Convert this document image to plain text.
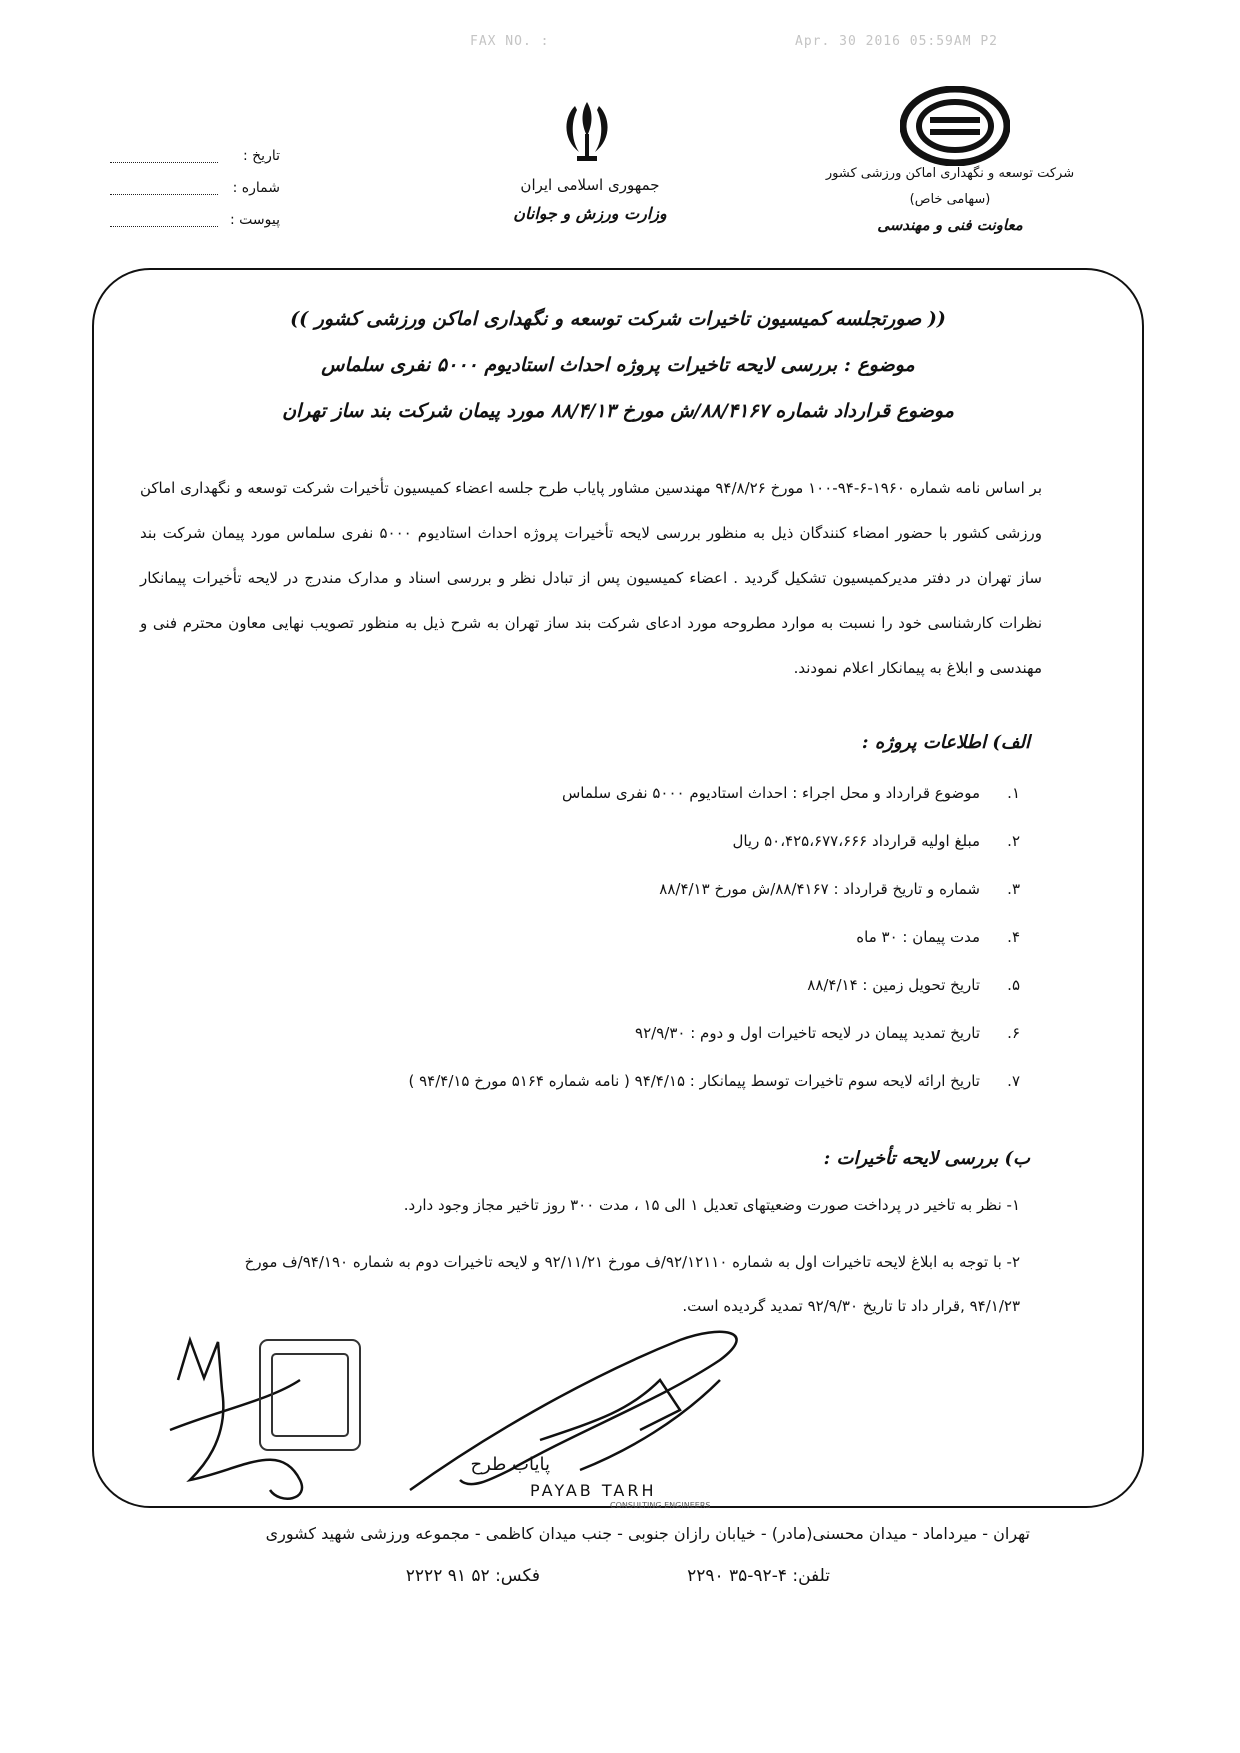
FAX NO. :	Apr. 30 2016 05:59AM P2
تاریخ :
شماره :
پیوست :
جمهوری اسلامی ایران
وزارت ورزش و جوانان
شرکت توسعه و نگهداری اماکن ورزشی کشور
(سهامی خاص)
معاونت فنی و مهندسی
(( صورتجلسه کمیسیون تاخیرات شرکت توسعه و نگهداری اماکن ورزشی کشور ))
موضوع : بررسی لایحه تاخیرات پروژه احداث استادیوم ۵۰۰۰ نفری سلماس
موضوع قرارداد شماره ۸۸/۴۱۶۷/ش مورخ ۸۸/۴/۱۳ مورد پیمان شرکت بند ساز تهران
بر اساس نامه شماره ۱۹۶۰-۶-۹۴-۱۰۰ مورخ ۹۴/۸/۲۶ مهندسین مشاور پایاب طرح جلسه اعضاء کمیسیون تأخیرات شرکت توسعه و نگهداری اماکن ورزشی کشور با حضور امضاء کنندگان ذیل به منظور بررسی لایحه تأخیرات پروژه احداث استادیوم ۵۰۰۰ نفری سلماس مورد پیمان شرکت بند ساز تهران در دفتر مدیرکمیسیون تشکیل گردید . اعضاء کمیسیون پس از تبادل نظر و بررسی اسناد و مدارک مندرج در لایحه تأخیرات پیمانکار نظرات کارشناسی خود را نسبت به موارد مطروحه مورد ادعای شرکت بند ساز تهران به شرح ذیل به منظور تصویب نهایی معاون محترم فنی و مهندسی و ابلاغ به پیمانکار اعلام نمودند.
الف) اطلاعات پروژه :
۱.
موضوع قرارداد و محل اجراء : احداث استادیوم ۵۰۰۰ نفری سلماس
۲.
مبلغ اولیه قرارداد ۵۰،۴۲۵،۶۷۷،۶۶۶ ریال
۳.
شماره و تاریخ قرارداد : ۸۸/۴۱۶۷/ش مورخ ۸۸/۴/۱۳
۴.
مدت پیمان : ۳۰ ماه
۵.
تاریخ تحویل زمین : ۸۸/۴/۱۴
۶.
تاریخ تمدید پیمان در لایحه تاخیرات اول و دوم : ۹۲/۹/۳۰
۷.
تاریخ ارائه لایحه سوم تاخیرات توسط پیمانکار : ۹۴/۴/۱۵ ( نامه شماره ۵۱۶۴ مورخ ۹۴/۴/۱۵ )
ب) بررسی لایحه تأخیرات :
۱- نظر به تاخیر در پرداخت صورت وضعیتهای تعدیل ۱ الی ۱۵ ، مدت ۳۰۰ روز تاخیر مجاز وجود دارد.
۲- با توجه به ابلاغ لایحه تاخیرات اول به شماره ۹۲/۱۲۱۱۰/ف مورخ ۹۲/۱۱/۲۱ و لایحه تاخیرات دوم به شماره ۹۴/۱۹۰/ف مورخ ۹۴/۱/۲۳ ,قرار داد تا تاریخ ۹۲/۹/۳۰ تمدید گردیده است.
پایاب طرح
PAYAB TARH
CONSULTING ENGINEERS
تهران - میرداماد - میدان محسنی(مادر) - خیابان رازان جنوبی - جنب میدان کاظمی - مجموعه ورزشی شهید کشوری
تلفن: ۴-۹۲-۳۵ ۲۲۹۰
فکس: ۵۲ ۹۱ ۲۲۲۲
